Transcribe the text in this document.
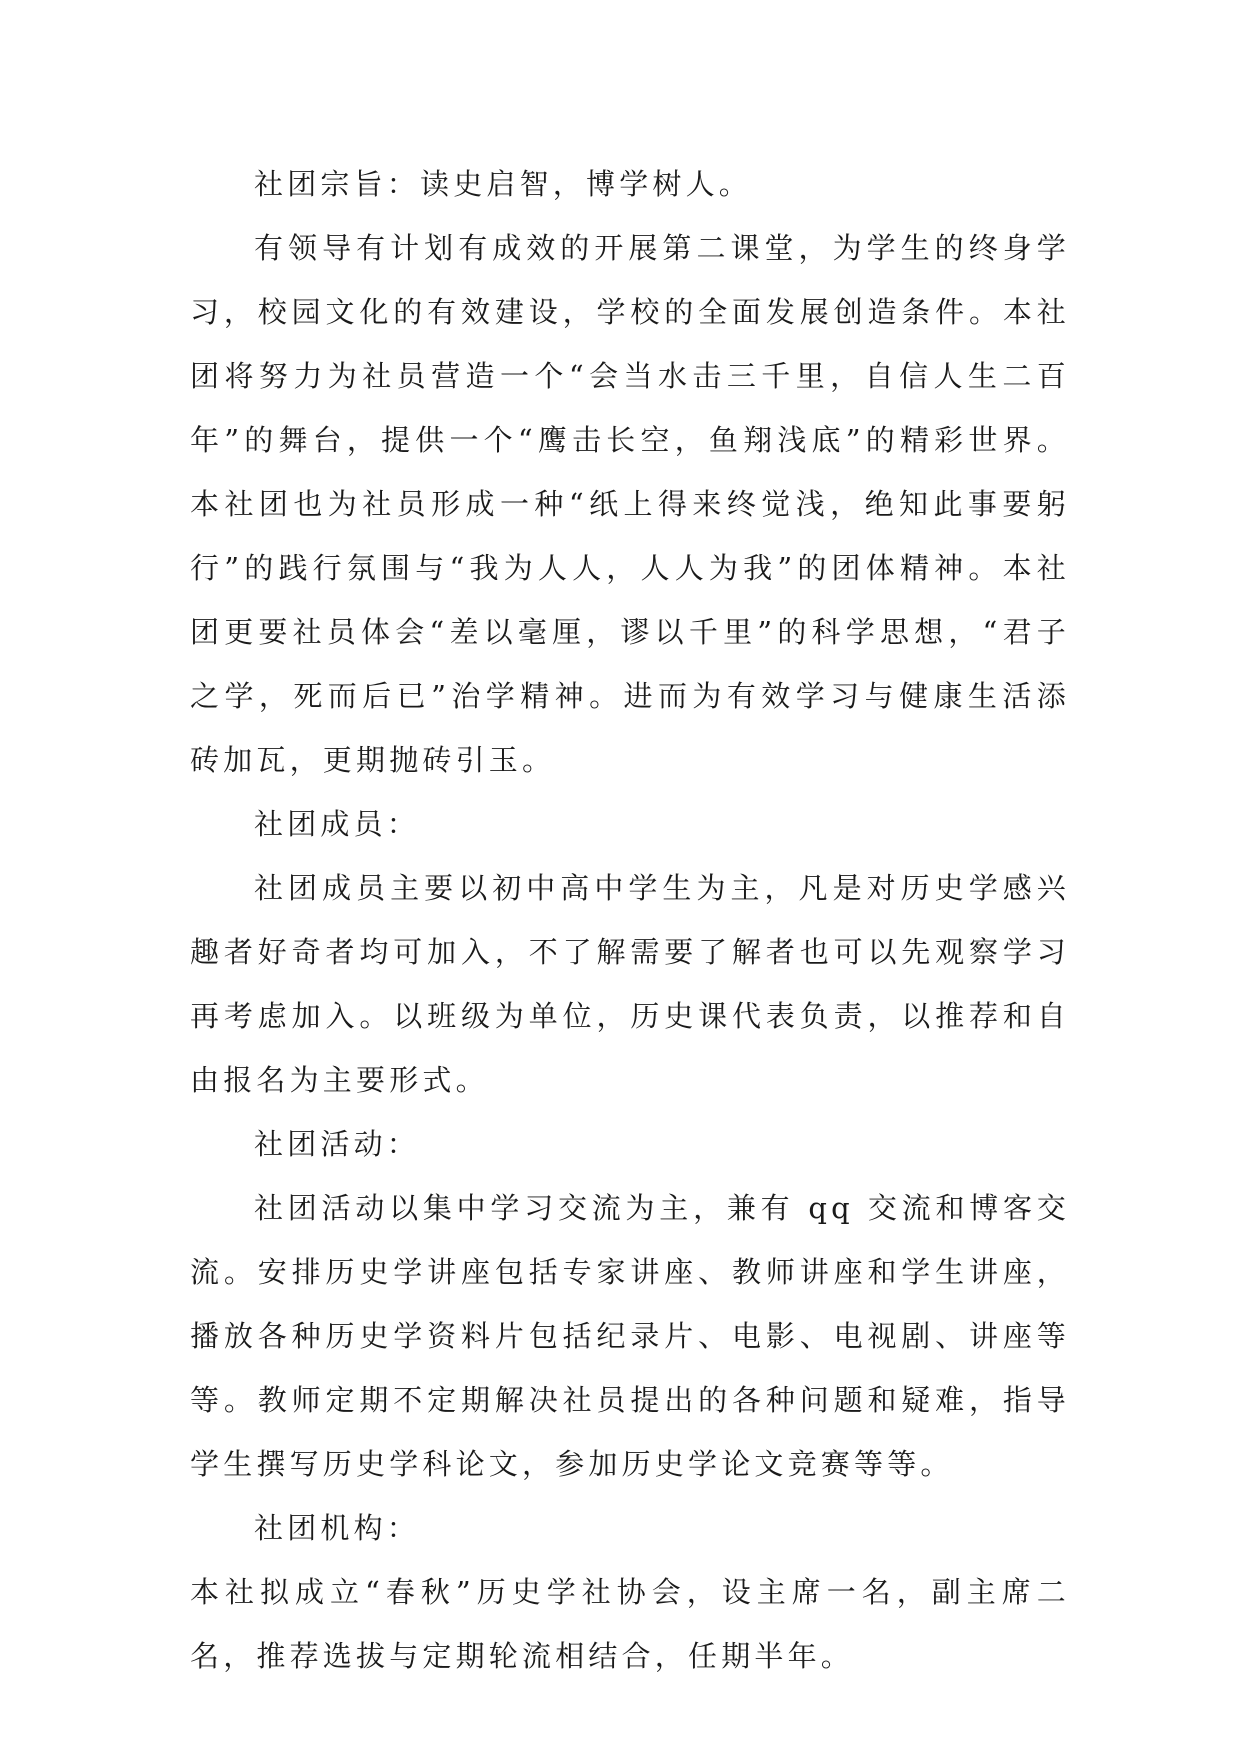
社团宗旨：读史启智，博学树人。

有领导有计划有成效的开展第二课堂，为学生的终身学习，校园文化的有效建设，学校的全面发展创造条件。本社团将努力为社员营造一个“会当水击三千里，自信人生二百年”的舞台，提供一个“鹰击长空，鱼翔浅底”的精彩世界。本社团也为社员形成一种“纸上得来终觉浅，绝知此事要躬行”的践行氛围与“我为人人，人人为我”的团体精神。本社团更要社员体会“差以毫厘，谬以千里”的科学思想，“君子之学，死而后已”治学精神。进而为有效学习与健康生活添砖加瓦，更期抛砖引玉。

社团成员：

社团成员主要以初中高中学生为主，凡是对历史学感兴趣者好奇者均可加入，不了解需要了解者也可以先观察学习再考虑加入。以班级为单位，历史课代表负责，以推荐和自由报名为主要形式。

社团活动：

社团活动以集中学习交流为主，兼有 qq 交流和博客交流。安排历史学讲座包括专家讲座、教师讲座和学生讲座，播放各种历史学资料片包括纪录片、电影、电视剧、讲座等等。教师定期不定期解决社员提出的各种问题和疑难，指导学生撰写历史学科论文，参加历史学论文竞赛等等。

社团机构：

本社拟成立“春秋”历史学社协会，设主席一名，副主席二名，推荐选拔与定期轮流相结合，任期半年。
